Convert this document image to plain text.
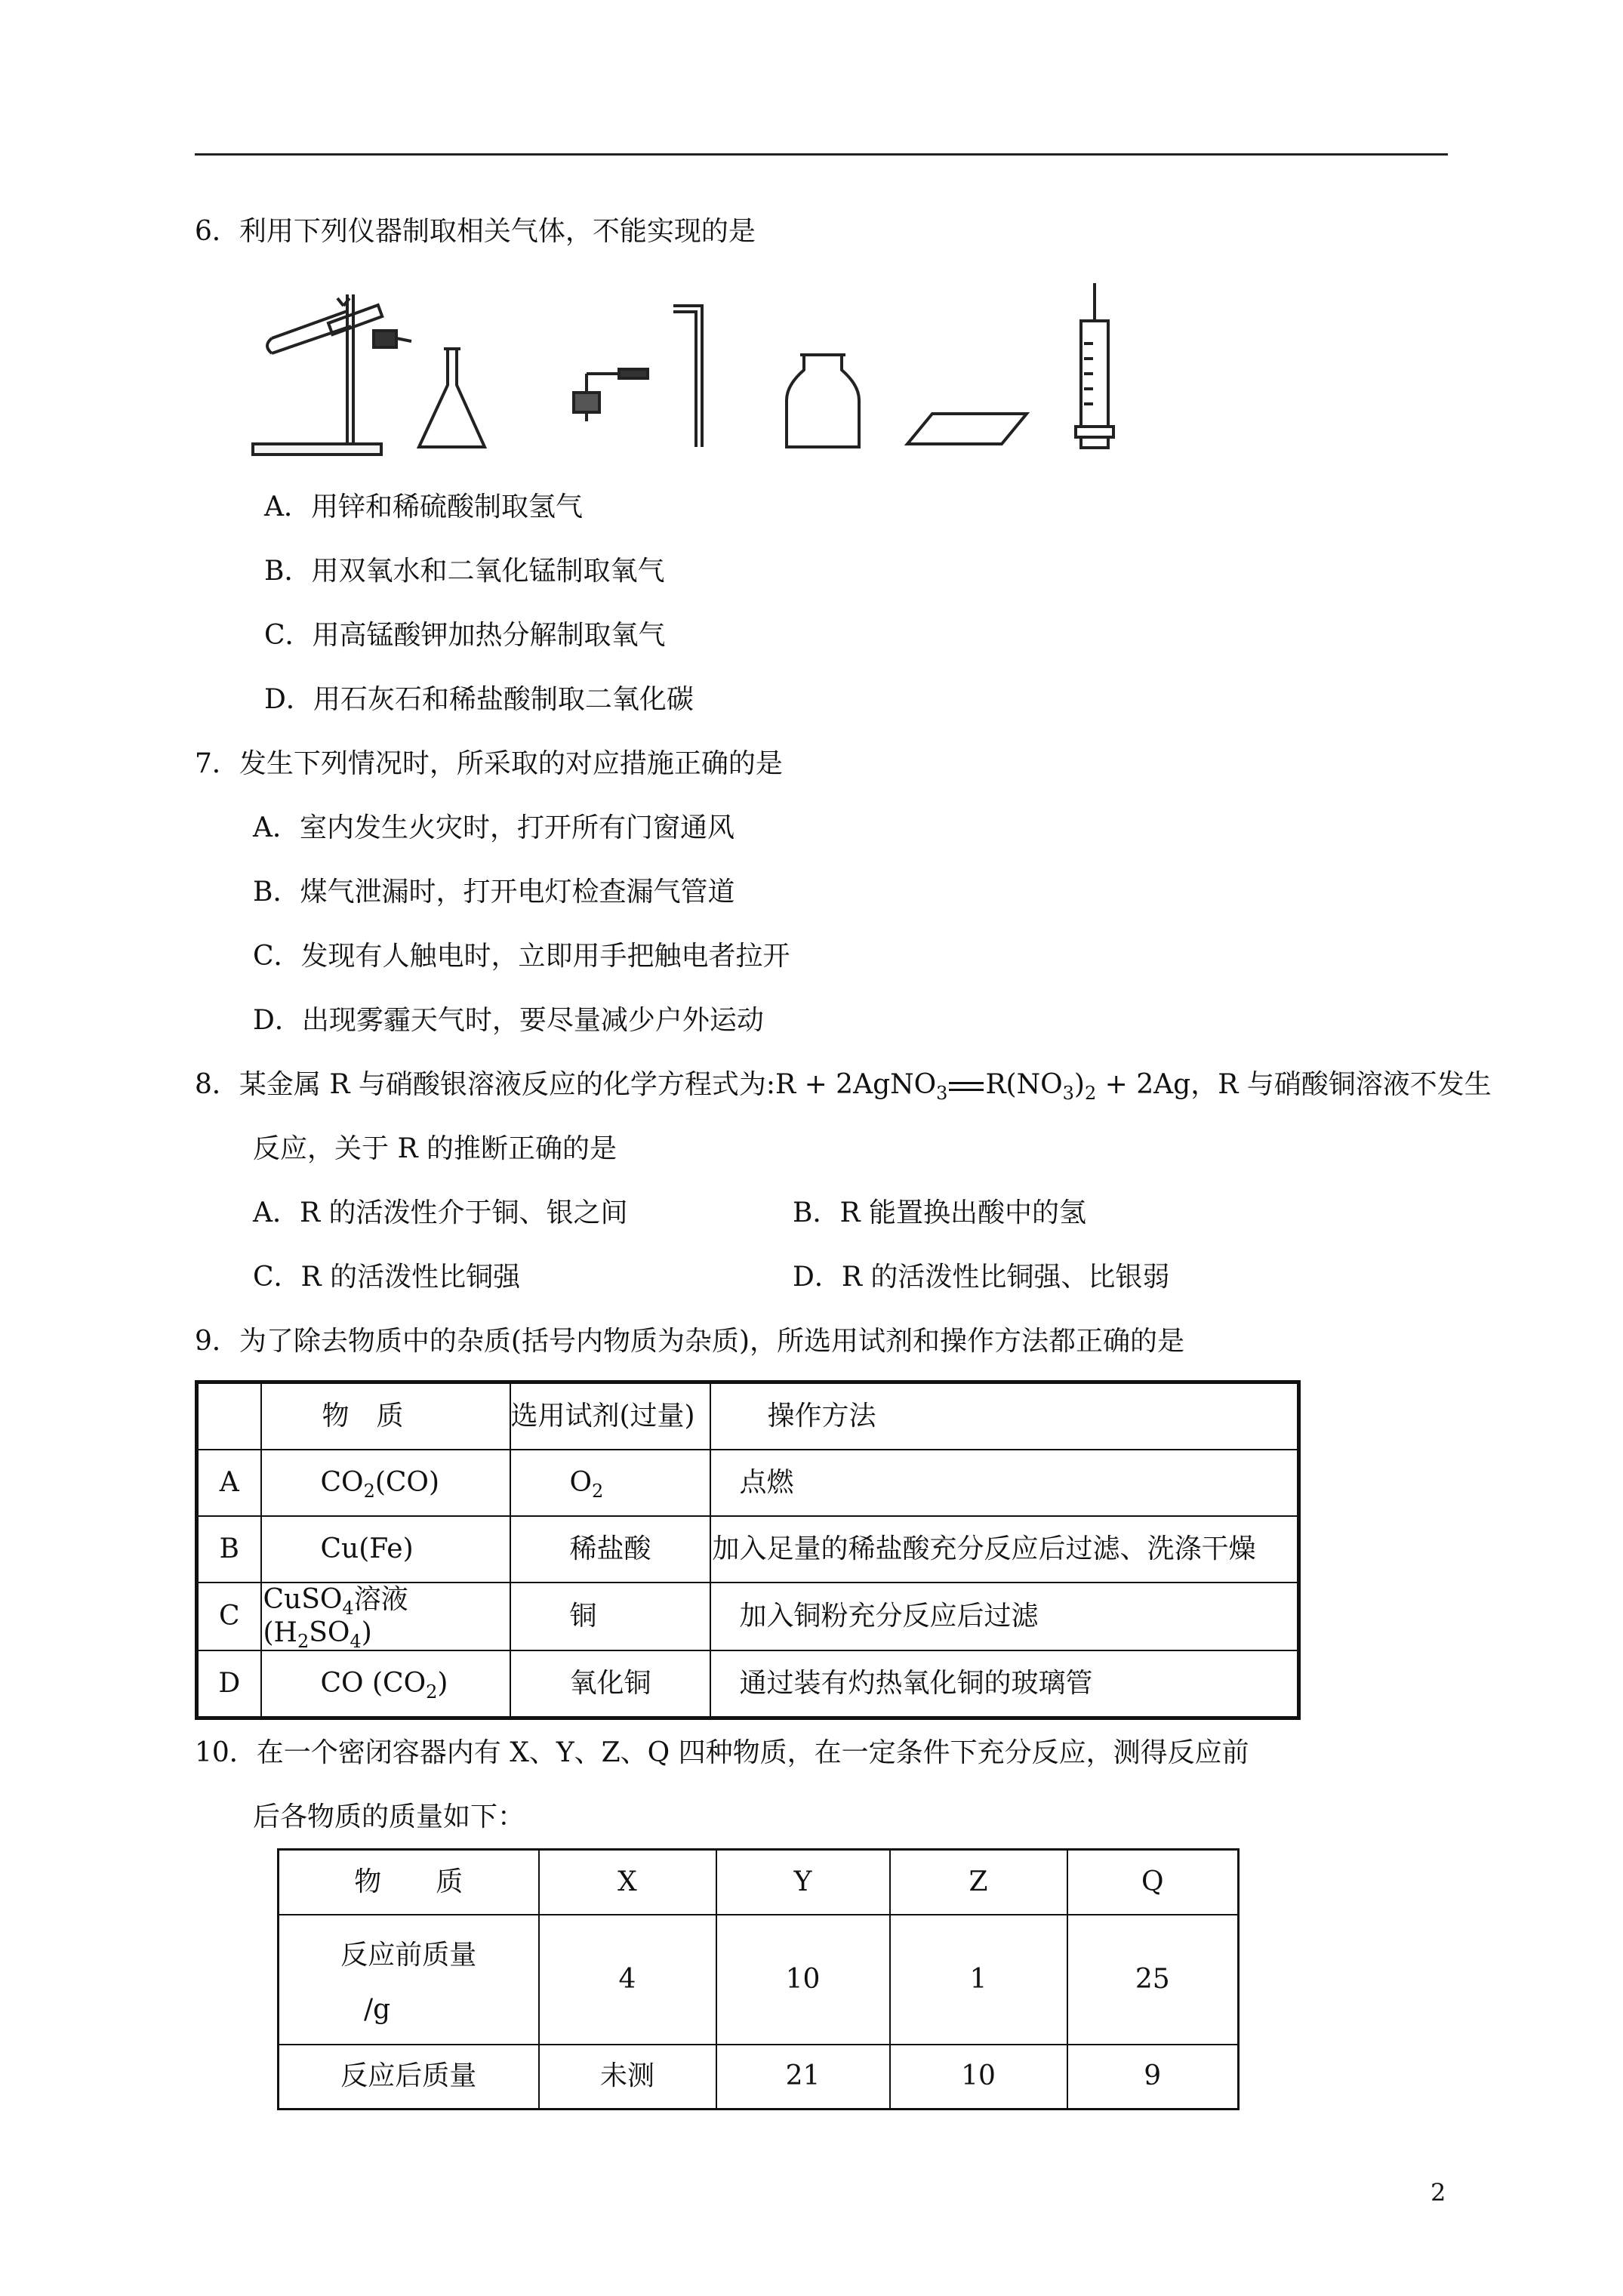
6．利用下列仪器制取相关气体，不能实现的是
A．用锌和稀硫酸制取氢气
B．用双氧水和二氧化锰制取氧气
C．用高锰酸钾加热分解制取氧气
D．用石灰石和稀盐酸制取二氧化碳
7．发生下列情况时，所采取的对应措施正确的是
A．室内发生火灾时，打开所有门窗通风
B．煤气泄漏时，打开电灯检查漏气管道
C．发现有人触电时，立即用手把触电者拉开
D．出现雾霾天气时，要尽量减少户外运动
8．某金属 R 与硝酸银溶液反应的化学方程式为:R + 2AgNO$_3$ $R(NO_3)_2 + 2Ag$，R 与硝酸铜溶液不发生
反应，关于 R 的推断正确的是
A．R 的活泼性介于铜、银之间	B．R 能置换出酸中的氢
C．R 的活泼性比铜强	D．R 的活泼性比铜强、比银弱
9．为了除去物质中的杂质(括号内物质为杂质)，所选用试剂和操作方法都正确的是
	物　质	选用试剂(过量)	操作方法
A	$CO_2(CO)$	$O_2$	点燃
B	Cu(Fe)	稀盐酸	加入足量的稀盐酸充分反应后过滤、洗涤干燥
C	CuSO$_4$溶液$(H_2SO_4)$	铜	加入铜粉充分反应后过滤
D	CO $(CO_2)$	氧化铜	通过装有灼热氧化铜的玻璃管
10．在一个密闭容器内有 X、Y、Z、Q 四种物质，在一定条件下充分反应，测得反应前
后各物质的质量如下：
物　　质	X	Y	Z	Q

反应前质量
/g	4	10	1	25
反应后质量	未测	21	10	9
2
